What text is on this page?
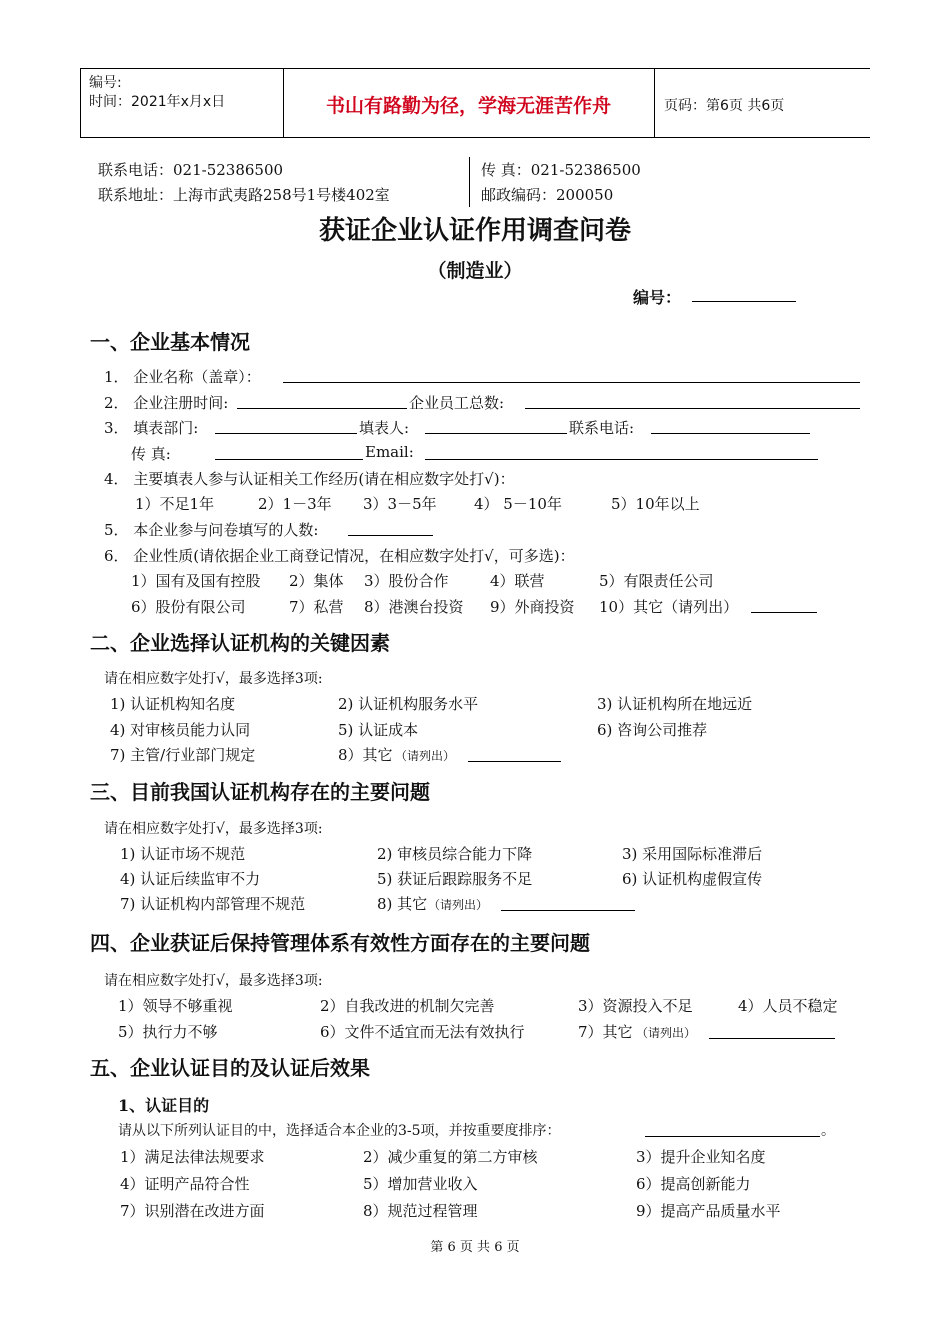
编号:
时间：2021年x月x日	书山有路勤为径，学海无涯苦作舟	页码：第6页 共6页
联系电话：021-52386500	传 真：021-52386500
联系地址：上海市武夷路258号1号楼402室	邮政编码：200050
获证企业认证作用调查问卷
（制造业）
编号：
一、企业基本情况
1． 企业名称（盖章）：
2． 企业注册时间:	企业员工总数:
3． 填表部门:	填表人:	联系电话:
传 真:	Email:
4． 主要填表人参与认证相关工作经历(请在相应数字处打√)：
1）不足1年	2）1－3年 3）3－5年 4） 5－10年	5）10年以上
5． 本企业参与问卷填写的人数:
6． 企业性质(请依据企业工商登记情况，在相应数字处打√，可多选)：
1）国有及国有控股 2）集体 3）股份合作	4）联营	5）有限责任公司
6）股份有限公司	7）私营 8）港澳台投资 9）外商投资 10）其它（请列出）
二、企业选择认证机构的关键因素
请在相应数字处打√，最多选择3项:
1) 认证机构知名度	2) 认证机构服务水平	3) 认证机构所在地远近
4) 对审核员能力认同	5) 认证成本	6) 咨询公司推荐
7) 主管/行业部门规定	8）其它 （请列出）
三、目前我国认证机构存在的主要问题
请在相应数字处打√，最多选择3项:
1) 认证市场不规范	2) 审核员综合能力下降	3) 采用国际标准滞后
4) 认证后续监审不力	5) 获证后跟踪服务不足	6) 认证机构虚假宣传
7) 认证机构内部管理不规范	8) 其它 （请列出）
四、企业获证后保持管理体系有效性方面存在的主要问题
请在相应数字处打√，最多选择3项:
1）领导不够重视	2）自我改进的机制欠完善	3）资源投入不足	4）人员不稳定
5）执行力不够	6）文件不适宜而无法有效执行	7）其它 （请列出）
五、企业认证目的及认证后效果
1、认证目的
请从以下所列认证目的中，选择适合本企业的3-5项，并按重要度排序：	。
1）满足法律法规要求	2）减少重复的第二方审核	3）提升企业知名度
4）证明产品符合性	5）增加营业收入	6）提高创新能力
7）识别潜在改进方面	8）规范过程管理	9）提高产品质量水平
第 6 页 共 6 页
